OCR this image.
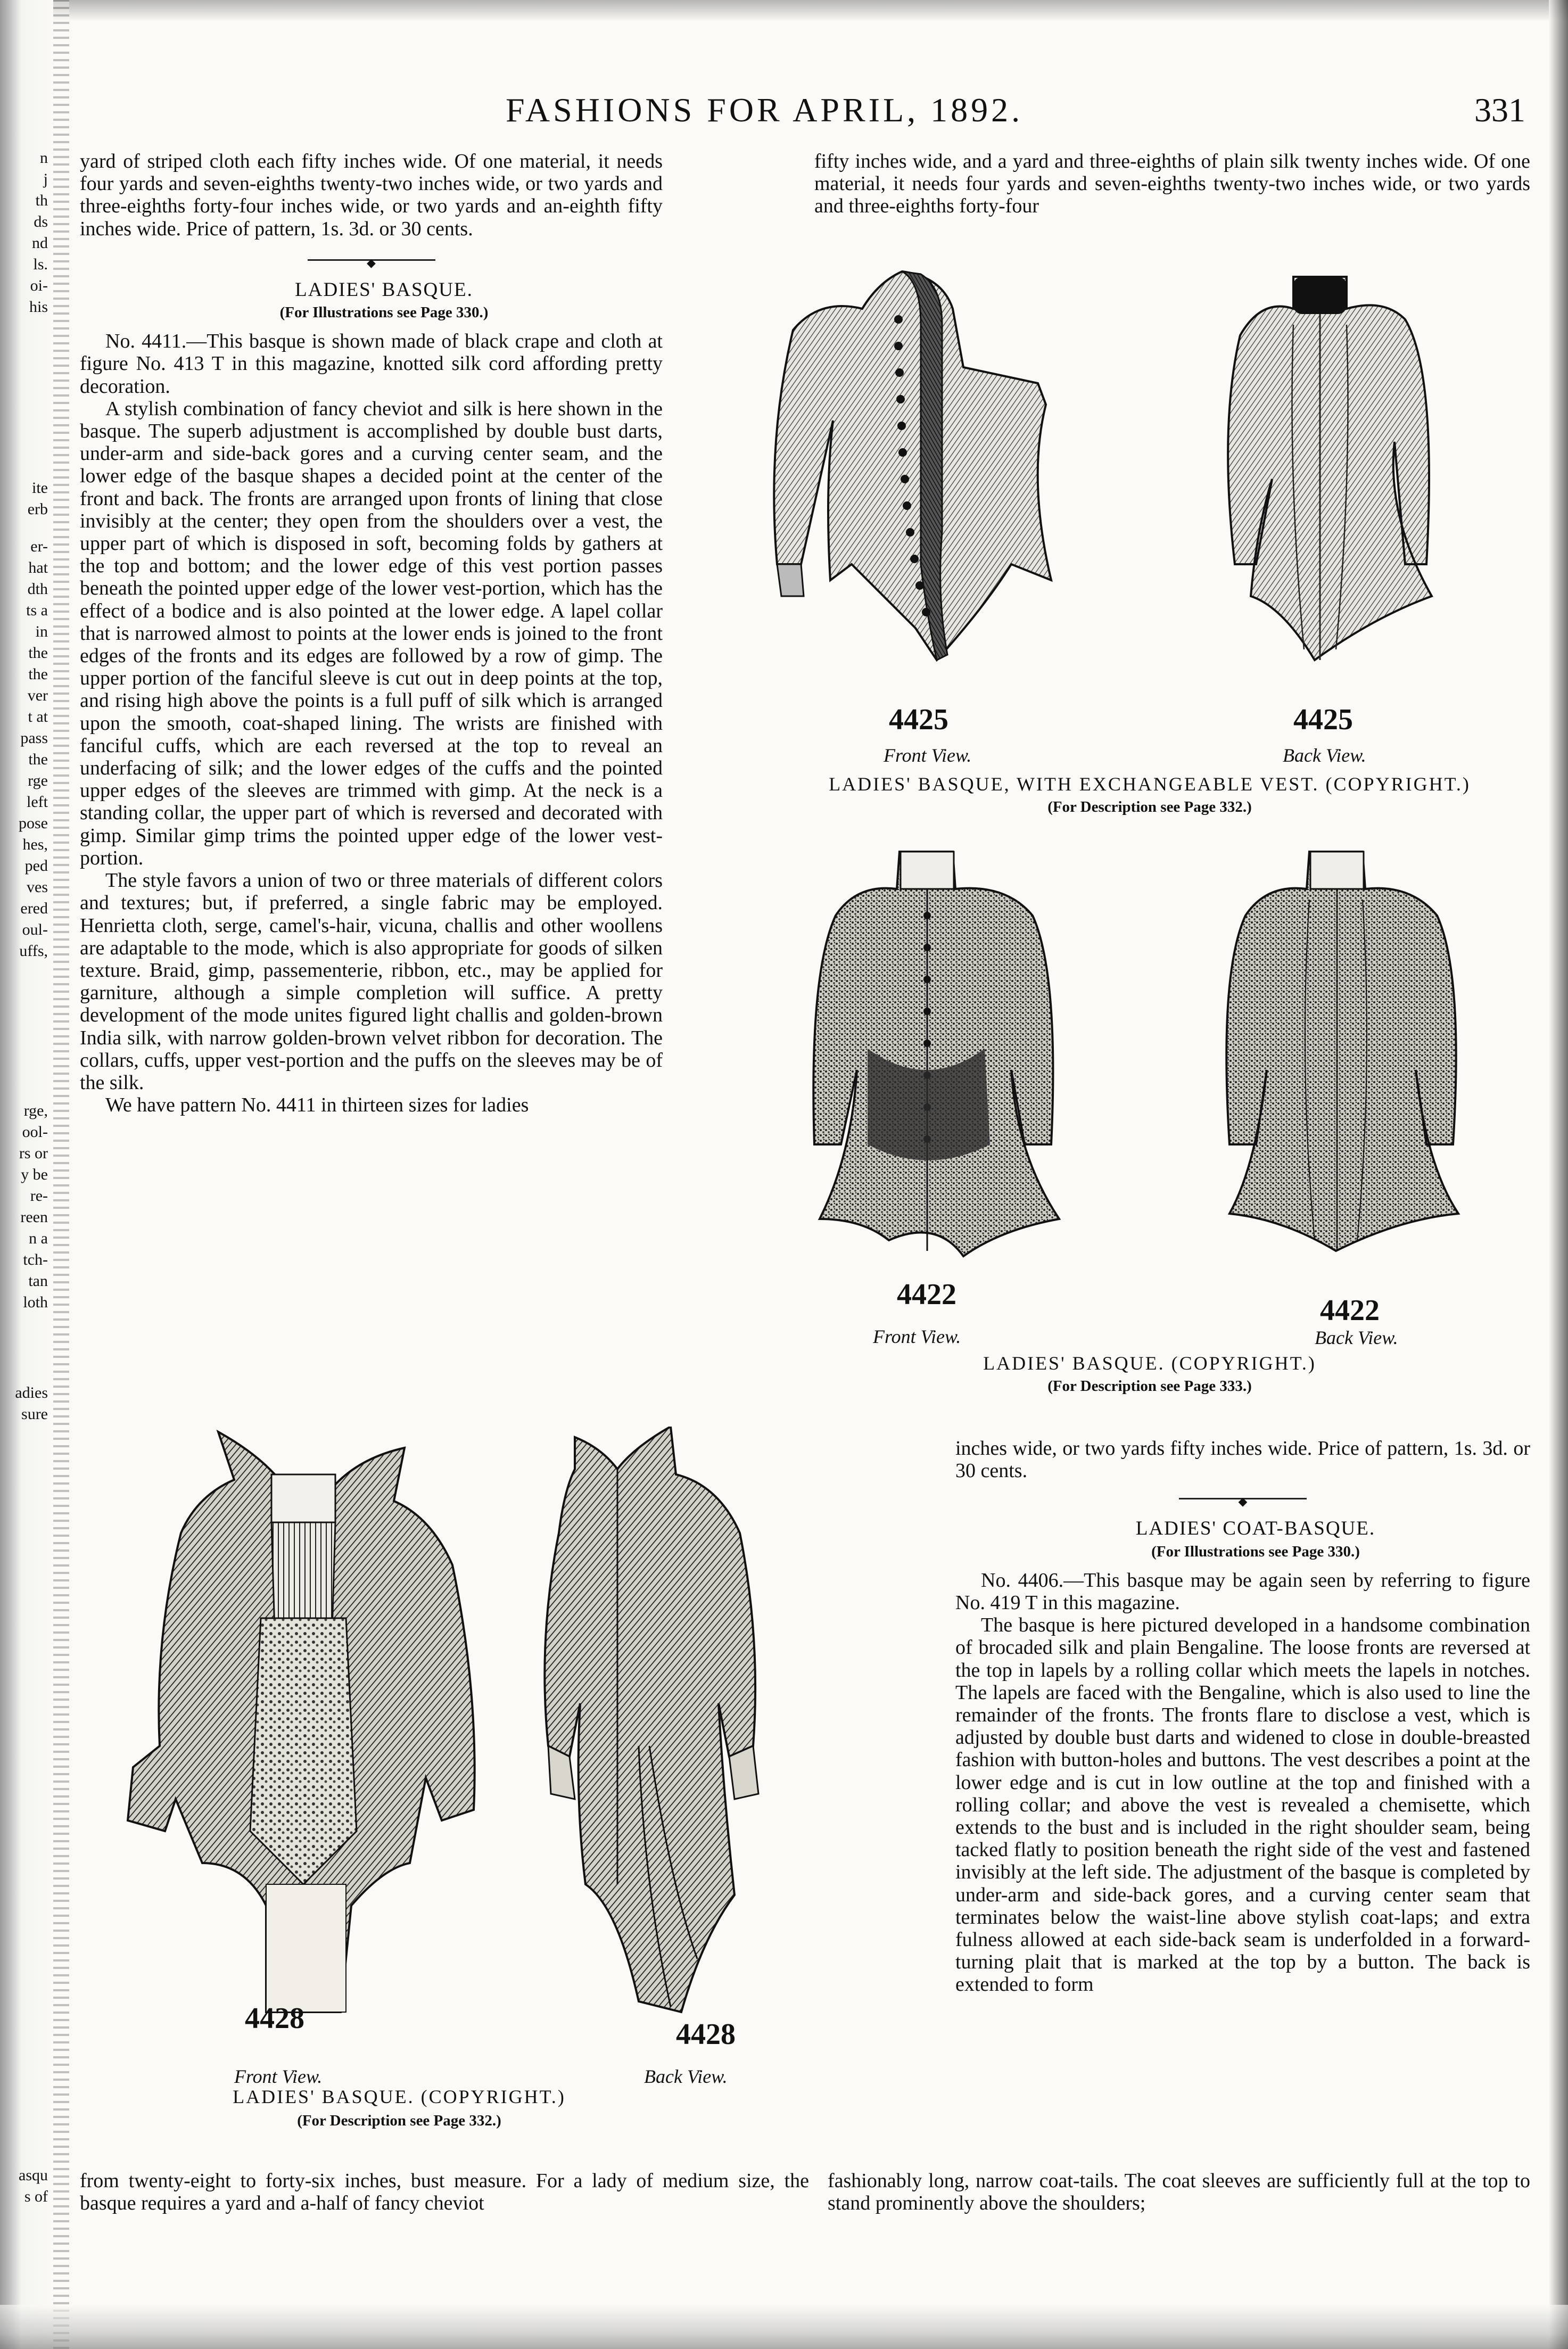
n
j
th
ds
nd
ls.
oi-
his
ite
erb
er-
hat
dth
ts a
in
the
the
ver
t at
pass
the
rge
left
pose
hes,
ped
ves
ered
oul-
uffs,
rge,
ool-
rs or
y be
re-
reen
n a
tch-
tan
loth
adies
sure
asqu
s of
FASHIONS FOR APRIL, 1892.	331

yard of striped cloth each fifty inches wide. Of one material, it needs four yards and seven-eighths twenty-two inches wide, or two yards and three-eighths forty-four inches wide, or two yards and an-eighth fifty inches wide. Price of pattern, 1s. 3d. or 30 cents.

◆

LADIES' BASQUE.

(For Illustrations see Page 330.)

No. 4411.—This basque is shown made of black crape and cloth at figure No. 413 T in this magazine, knotted silk cord affording pretty decoration.

A stylish combination of fancy cheviot and silk is here shown in the basque. The superb adjustment is accomplished by double bust darts, under-arm and side-back gores and a curving center seam, and the lower edge of the basque shapes a decided point at the center of the front and back. The fronts are arranged upon fronts of lining that close invisibly at the center; they open from the shoulders over a vest, the upper part of which is disposed in soft, becoming folds by gathers at the top and bottom; and the lower edge of this vest portion passes beneath the pointed upper edge of the lower vest-portion, which has the effect of a bodice and is also pointed at the lower edge. A lapel collar that is narrowed almost to points at the lower ends is joined to the front edges of the fronts and its edges are followed by a row of gimp. The upper portion of the fanciful sleeve is cut out in deep points at the top, and rising high above the points is a full puff of silk which is arranged upon the smooth, coat-shaped lining. The wrists are finished with fanciful cuffs, which are each reversed at the top to reveal an underfacing of silk; and the lower edges of the cuffs and the pointed upper edges of the sleeves are trimmed with gimp. At the neck is a standing collar, the upper part of which is reversed and decorated with gimp. Similar gimp trims the pointed upper edge of the lower vest-portion.

The style favors a union of two or three materials of different colors and textures; but, if preferred, a single fabric may be employed. Henrietta cloth, serge, camel's-hair, vicuna, challis and other woollens are adaptable to the mode, which is also appropriate for goods of silken texture. Braid, gimp, passementerie, ribbon, etc., may be applied for garniture, although a simple completion will suffice. A pretty development of the mode unites figured light challis and golden-brown India silk, with narrow golden-brown velvet ribbon for decoration. The collars, cuffs, upper vest-portion and the puffs on the sleeves may be of the silk.

We have pattern No. 4411 in thirteen sizes for ladies

fifty inches wide, and a yard and three-eighths of plain silk twenty inches wide. Of one material, it needs four yards and seven-eighths twenty-two inches wide, or two yards and three-eighths forty-four

4425	4425
Front View.	Back View.
LADIES' BASQUE, WITH EXCHANGEABLE VEST. (COPYRIGHT.)
(For Description see Page 332.)
4422	4422
Front View.	Back View.
LADIES' BASQUE. (COPYRIGHT.)
(For Description see Page 333.)

inches wide, or two yards fifty inches wide. Price of pattern, 1s. 3d. or 30 cents.

◆

LADIES' COAT-BASQUE.

(For Illustrations see Page 330.)

No. 4406.—This basque may be again seen by referring to figure No. 419 T in this magazine.

The basque is here pictured developed in a handsome combination of brocaded silk and plain Bengaline. The loose fronts are reversed at the top in lapels by a rolling collar which meets the lapels in notches. The lapels are faced with the Bengaline, which is also used to line the remainder of the fronts. The fronts flare to disclose a vest, which is adjusted by double bust darts and widened to close in double-breasted fashion with button-holes and buttons. The vest describes a point at the lower edge and is cut in low outline at the top and finished with a rolling collar; and above the vest is revealed a chemisette, which extends to the bust and is included in the right shoulder seam, being tacked flatly to position beneath the right side of the vest and fastened invisibly at the left side. The adjustment of the basque is completed by under-arm and side-back gores, and a curving center seam that terminates below the waist-line above stylish coat-laps; and extra fulness allowed at each side-back seam is underfolded in a forward-turning plait that is marked at the top by a button. The back is extended to form

4428	4428
Front View.	Back View.
LADIES' BASQUE. (COPYRIGHT.)
(For Description see Page 332.)

from twenty-eight to forty-six inches, bust measure. For a lady of medium size, the basque requires a yard and a-half of fancy cheviot

fashionably long, narrow coat-tails. The coat sleeves are sufficiently full at the top to stand prominently above the shoulders;
